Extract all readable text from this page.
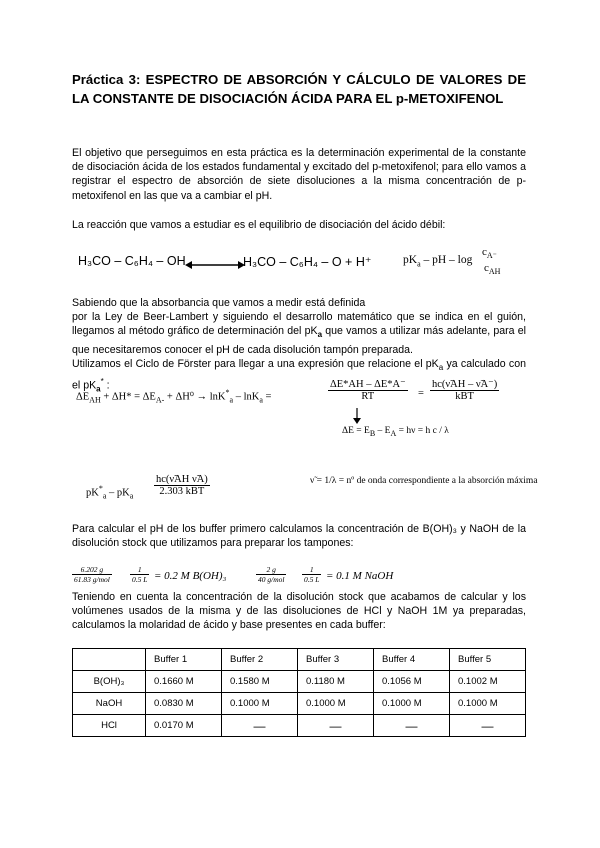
Práctica 3: ESPECTRO DE ABSORCIÓN Y CÁLCULO DE VALORES DE LA CONSTANTE DE DISOCIACIÓN ÁCIDA PARA EL p-METOXIFENOL
El objetivo que perseguimos en esta práctica es la determinación experimental de la constante de disociación ácida de los estados fundamental y excitado del p-metoxifenol; para ello vamos a registrar el espectro de absorción de siete disoluciones a la misma concentración de p-metoxifenol en las que va a cambiar el pH.
La reacción que vamos a estudiar es el equilibrio de disociación del ácido débil:
H₃CO – C₆H₄ – OH	H₃CO – C₆H₄ – O + H⁺	$pK_a$ – pH – log
$c_{A^-}$
$c_{AH}$
Sabiendo que la absorbancia que vamos a medir está definida
por la Ley de Beer-Lambert y siguiendo el desarrollo matemático que se indica en el guión, llegamos al método gráfico de determinación del $pK_a$ que vamos a utilizar más adelante, para el que necesitaremos conocer el pH de cada disolución tampón preparada.
Utilizamos el Ciclo de Förster para llegar a una expresión que relacione el $pK_a$ ya calculado con el $pK_a^*$ :
$\Delta E_{AH} + \Delta H* = \Delta E_{A-} + \Delta H^0 \to \ln K^*_a - \ln K_a$ =	$\frac{\Delta E*AH - \Delta E*A^-}{RT}$ =
hc(ν̃AH – ν̃A⁻)
kBT
$\Delta E = E_B - E_A = h\nu = h$ c / λ
$pK^*_a - pK_a$
hc(ν̃AH ν̃A)
2.303 kBT
ν̃ = 1/λ = nº de onda correspondiente a la absorción máxima
Para calcular el pH de los buffer primero calculamos la concentración de B(OH)₃ y NaOH de la disolución stock que utilizamos para preparar los tampones:
6.202 g
61.83 g/mol	$\frac{1}{0.5 L} = 0.2$ M B(OH)₃
2 g
40 $g/mol \frac{1}{0.5 L} = 0.1$ M NaOH
Teniendo en cuenta la concentración de la disolución stock que acabamos de calcular y los volúmenes usados de la misma y de las disoluciones de HCl y NaOH 1M ya preparadas, calculamos la molaridad de ácido y base presentes en cada buffer:
	Buffer 1	Buffer 2	Buffer 3	Buffer 4	Buffer 5
B(OH)₃	0.1660 M	0.1580 M	0.1180 M	0.1056 M	0.1002 M
NaOH	0.0830 M	0.1000 M	0.1000 M	0.1000 M	0.1000 M
HCl	0.0170 M	—	—	—	—
